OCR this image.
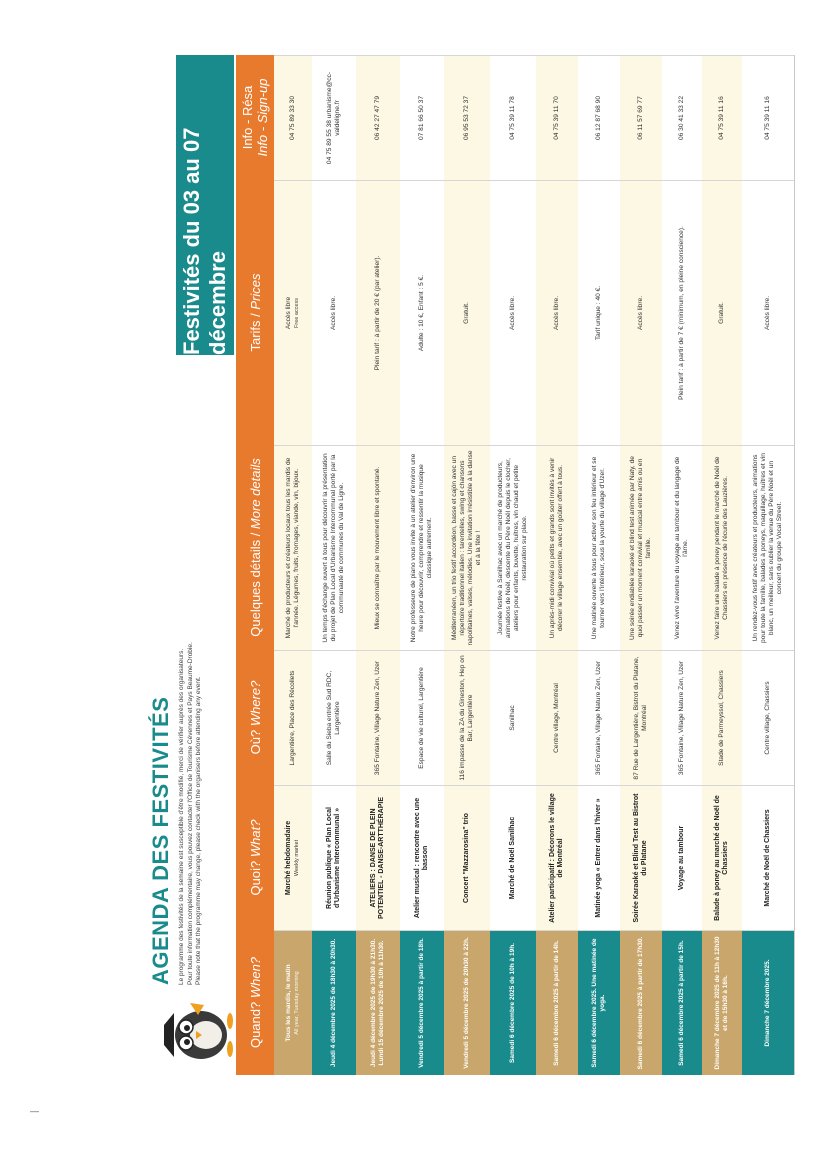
—
AGENDA DES FESTIVITÉS Le programme des festivités de la semaine est susceptible d'être modifié, merci de vérifier auprès des organisateurs. Pour toute information complémentaire, vous pouvez contacter l'Office de Tourisme Cévennes et Pays Beaume-Drobie. Please note that the programme may change, please check with the organisers before attending any event.
Festivités du 03 au 07 décembre
Quand?

When?
Quoi?

What?
Où?

Where?
Quelques détails
/
More details
Tarifs
/
Prices
Info - Résa Info - Sign-up
Tous les mardis, le matin All year, Tuesday morning
Marché hebdomadaire Weekly market
Largentière, Place des Récollets
Marché de producteurs et créateurs locaux tous les mardis de l'année. Légumes, fruits, fromages, viande, vin, bijoux.
Accès libre Free access
04 75 89 33 30
Jeudi 4 décembre 2025 de 18h30 à 20h30.
Réunion publique « Plan Local d'Urbanisme Intercommunal »
Salle du Sieba entrée Sud RDC, Largentière
Un temps d'échange ouvert à tous pour découvrir la présentation du projet de Plan Local d'Urbanisme Intercommunal porté par la communauté de communes du Val de Ligne.
Accès libre.
04 75 89 55 38 urbanisme@cc-valdeligne.fr
Jeudi 4 décembre 2025 de 19h30 à 21h30. Lundi 15 décembre 2025 de 10h à 11h30.
ATELIERS : DANSE DE PLEIN POTENTIEL - DANSE-ARTTHÉRAPIE
365 Fontaine, Village Nature Zen, Uzer
Mieux se connaître par le mouvement libre et spontané.
Plein tarif : à partir de 20 € (par atelier).
06 42 27 47 79
Vendredi 5 décembre 2025 à partir de 18h.
Atelier musical : rencontre avec une basson
Espace de vie culturel, Largentière
Notre professeure de piano vous invite à un atelier d'environ une heure pour découvrir, comprendre et ressentir la musique classique autrement.
Adulte : 10 €, Enfant : 5 €.
07 81 66 50 37
Vendredi 5 décembre 2025 de 20h30 à 22h.
Concert "Mazzarosina" trio
116 impasse de la ZA du Gineston, Hep on Bar, Largentière
Méditerranéen, un trio festif accordéon, basse et cajón avec un répertoire traditionnel italien : tarentelles, swing et chansons napolitaines, valses, mélodies. Une invitation irrésistible à la danse et à la fête !
Gratuit.
06 95 53 72 37
Samedi 6 décembre 2025 de 10h à 19h.
Marché de Noël Sanilhac
Sanilhac
Journée festive à Sanilhac avec un marché de producteurs, animations de Noël, descente du Père Noël depuis le clocher, ateliers pour enfants, buvette, huîtres, vin chaud et petite restauration sur place.
Accès libre.
04 75 39 11 78
Samedi 6 décembre 2025 à partir de 14h.
Atelier participatif : Décorons le village de Montréal
Centre village, Montréal
Un après-midi convivial où petits et grands sont invités à venir décorer le village ensemble, avec un goûter offert à tous.
Accès libre.
04 75 39 11 70
Samedi 6 décembre 2025. Une matinée de yoga.
Matinée yoga « Entrer dans l'hiver »
365 Fontaine, Village Nature Zen, Uzer
Une matinée ouverte à tous pour activer son feu intérieur et se tourner vers l'intérieur, sous la yourte du village d'Uzer.
Tarif unique : 40 €.
06 12 87 68 90
Samedi 6 décembre 2025 à partir de 17h30.
Soirée Karaoké et Blind Test au Bistrot du Platane
87 Rue de Largentière, Bistrot du Platane, Montréal
Une soirée endiablée karaoké et blind test animée par Naty, de quoi passer un moment convivial et musical entre amis ou en famille.
Accès libre.
06 11 57 69 77
Samedi 6 décembre 2025 à partir de 15h.
Voyage au tambour
365 Fontaine, Village Nature Zen, Uzer
Venez vivre l'aventure du voyage au tambour et du langage de l'âme.
Plein tarif : à partir de 7 € (minimum, en pleine conscience).
06 30 41 33 22
Dimanche 7 décembre 2025 de 11h à 12h30 et de 15h30 à 16h.
Balade à poney au marché de Noël de Chassiers
Stade de Parmeyssol, Chassiers
Venez faire une balade à poney pendant le marché de Noël de Chassiers en présence de l'écurie des Lauzières.
Gratuit.
04 75 39 11 16
Dimanche 7 décembre 2025.
Marché de Noël de Chassiers
Centre village, Chassiers
Un rendez-vous festif avec créateurs et producteurs, animations pour toute la famille, balades à poneys, maquillage, huîtres et vin blanc, un meilleur, sans oublier la venue du Père Noël et un concert du groupe Vocal Street.
Accès libre.
04 75 39 11 16
